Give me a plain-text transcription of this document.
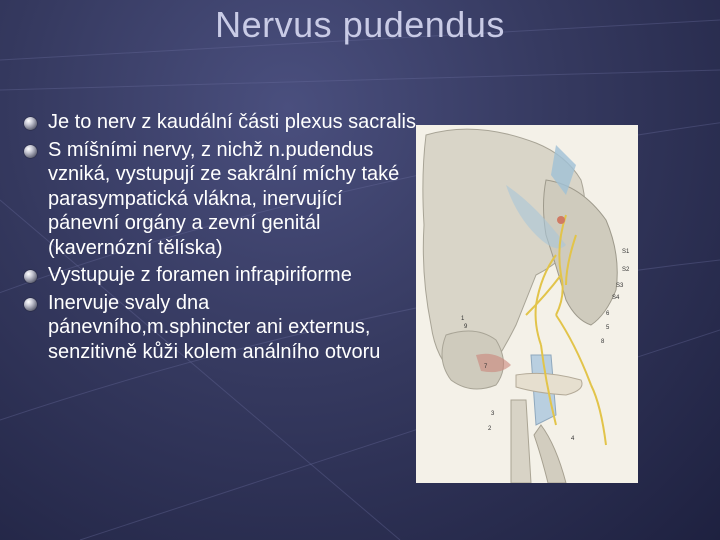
Nervus pudendus
Je to nerv z kaudální části plexus sacralis
S míšními nervy, z nichž n.pudendus vzniká, vystupují ze sakrální míchy také parasympatická vlákna, inervující pánevní orgány a zevní genitál (kavernózní tělíska)
Vystupuje z foramen infrapiriforme
Inervuje svaly dna pánevního,m.sphincter ani externus, senzitivně kůži kolem análního otvoru
S1
S2
S3
S4
6
5
4
3
2
1
7
8
9
